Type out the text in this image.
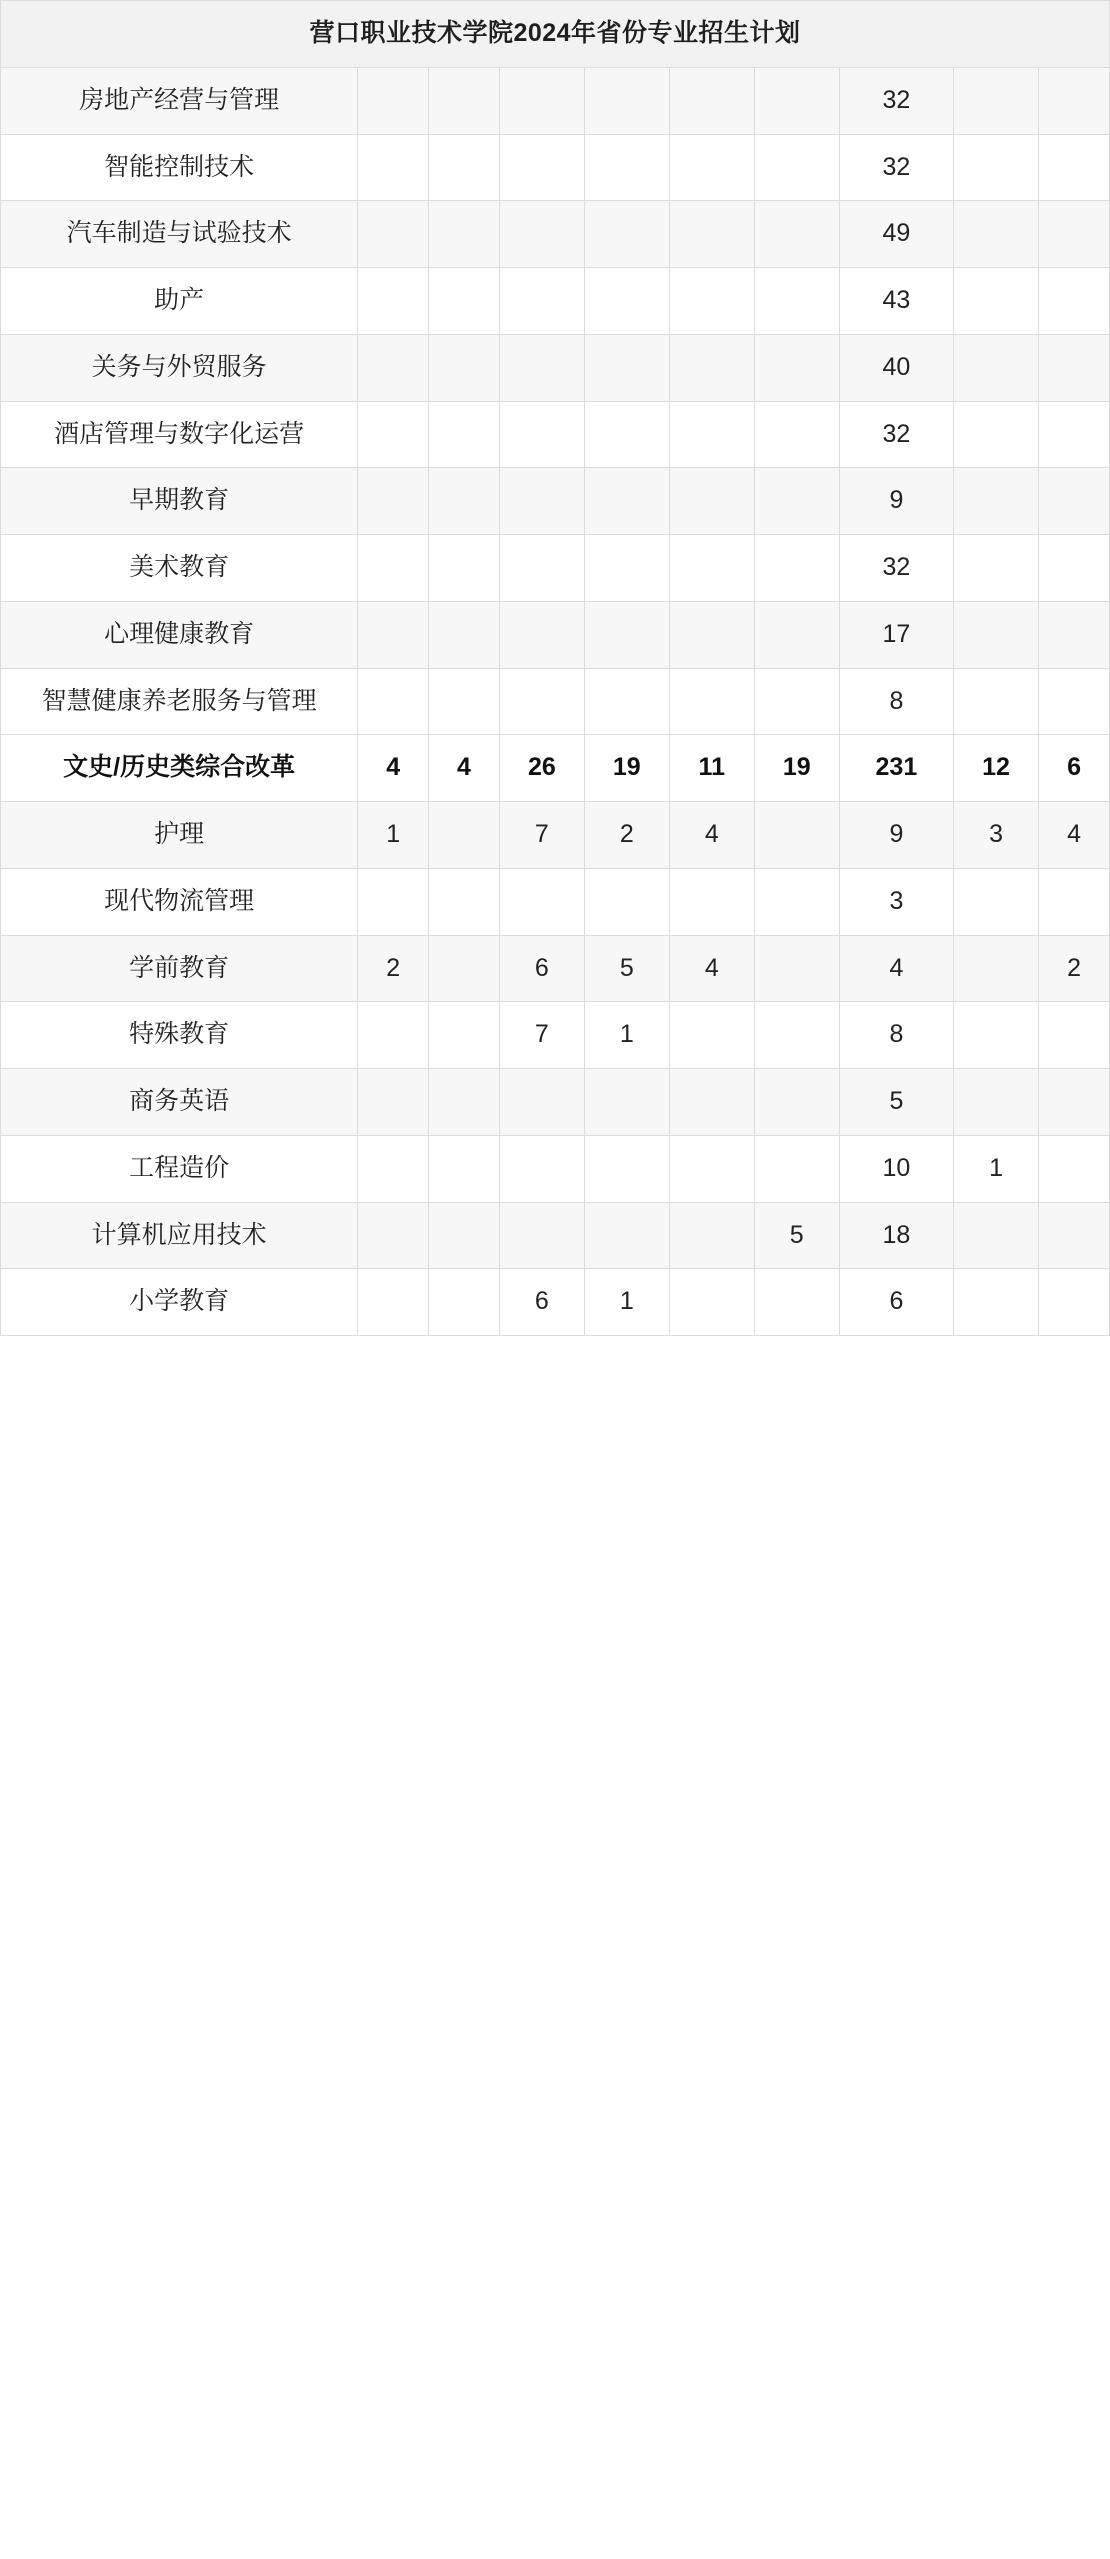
营口职业技术学院2024年省份专业招生计划									
房地产经营与管理							32		
智能控制技术							32		
汽车制造与试验技术							49		
助产							43		
关务与外贸服务							40		
酒店管理与数字化运营							32		
早期教育							9		
美术教育							32		
心理健康教育							17		
智慧健康养老服务与管理							8		
文史/历史类综合改革	4	4	26	19	11	19	231	12	6
护理	1		7	2	4		9	3	4
现代物流管理							3		
学前教育	2		6	5	4		4		2
特殊教育			7	1			8		
商务英语							5		
工程造价							10	1	
计算机应用技术						5	18		
小学教育			6	1			6		
